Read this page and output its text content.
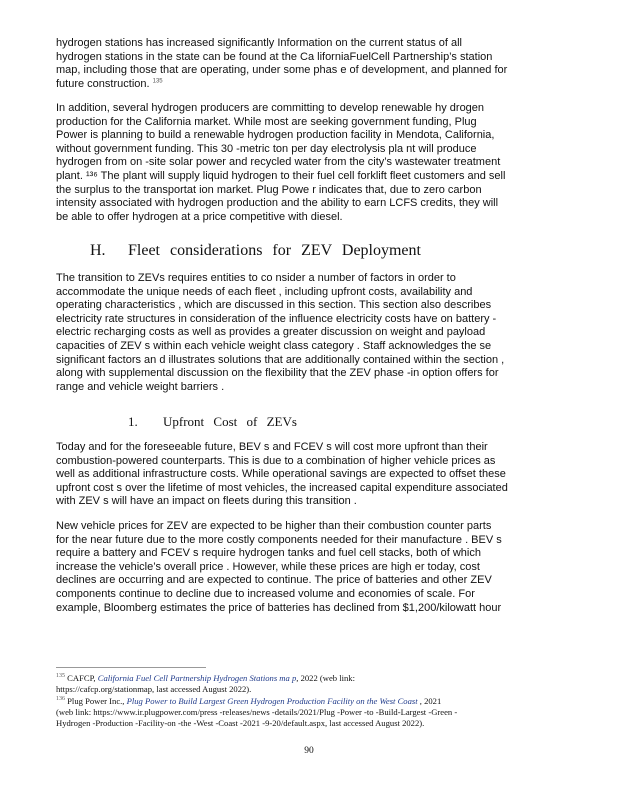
hydrogen stations has increased significantly Information on the current status of all
hydrogen stations in the state can be found at the Ca liforniaFuelCell Partnership’s station
map, including those that are operating, under some phas e of development, and planned for
future construction. $^{135}$

In addition, several hydrogen producers are committing to develop renewable hy drogen
production for the California market. While most are seeking government funding, Plug
Power is planning to build a renewable hydrogen production facility in Mendota, California,
without government funding. This 30 -metric ton per day electrolysis pla nt will produce
hydrogen from on -site solar power and recycled water from the city’s wastewater treatment
plant. ¹³⁶ The plant will supply liquid hydrogen to their fuel cell forklift fleet customers and sell
the surplus to the transportat ion market. Plug Powe r indicates that, due to zero carbon
intensity associated with hydrogen production and the ability to earn LCFS credits, they will
be able to offer hydrogen at a price competitive with diesel.

H. Fleet considerations for ZEV Deployment

The transition to ZEVs requires entities to co nsider a number of factors in order to
accommodate the unique needs of each fleet , including upfront costs, availability and
operating characteristics , which are discussed in this section. This section also describes
electricity rate structures in consideration of the influence electricity costs have on battery -
electric recharging costs as well as provides a greater discussion on weight and payload
capacities of ZEV s within each vehicle weight class category . Staff acknowledges the se
significant factors an d illustrates solutions that are additionally contained within the section ,
along with supplemental discussion on the flexibility that the ZEV phase -in option offers for
range and vehicle weight barriers .

1. Upfront Cost of ZEVs

Today and for the foreseeable future, BEV s and FCEV s will cost more upfront than their
combustion-powered counterparts. This is due to a combination of higher vehicle prices as
well as additional infrastructure costs. While operational savings are expected to offset these
upfront cost s over the lifetime of most vehicles, the increased capital expenditure associated
with ZEV s will have an impact on fleets during this transition .

New vehicle prices for ZEV are expected to be higher than their combustion counter parts
for the near future due to the more costly components needed for their manufacture . BEV s
require a battery and FCEV s require hydrogen tanks and fuel cell stacks, both of which
increase the vehicle’s overall price . However, while these prices are high er today, cost
declines are occurring and are expected to continue. The price of batteries and other ZEV
components continue to decline due to increased volume and economies of scale. For
example, Bloomberg estimates the price of batteries has declined from $1,200/kilowatt hour

$^{135}$ CAFCP, California Fuel Cell Partnership Hydrogen Stations ma p, 2022 (web link:
https://cafcp.org/stationmap, last accessed August 2022).
$^{136}$ Plug Power Inc., Plug Power to Build Largest Green Hydrogen Production Facility on the West Coast , 2021
(web link: https://www.ir.plugpower.com/press -releases/news -details/2021/Plug -Power -to -Build-Largest -Green -
Hydrogen -Production -Facility-on -the -West -Coast -2021 -9-20/default.aspx, last accessed August 2022).
90
